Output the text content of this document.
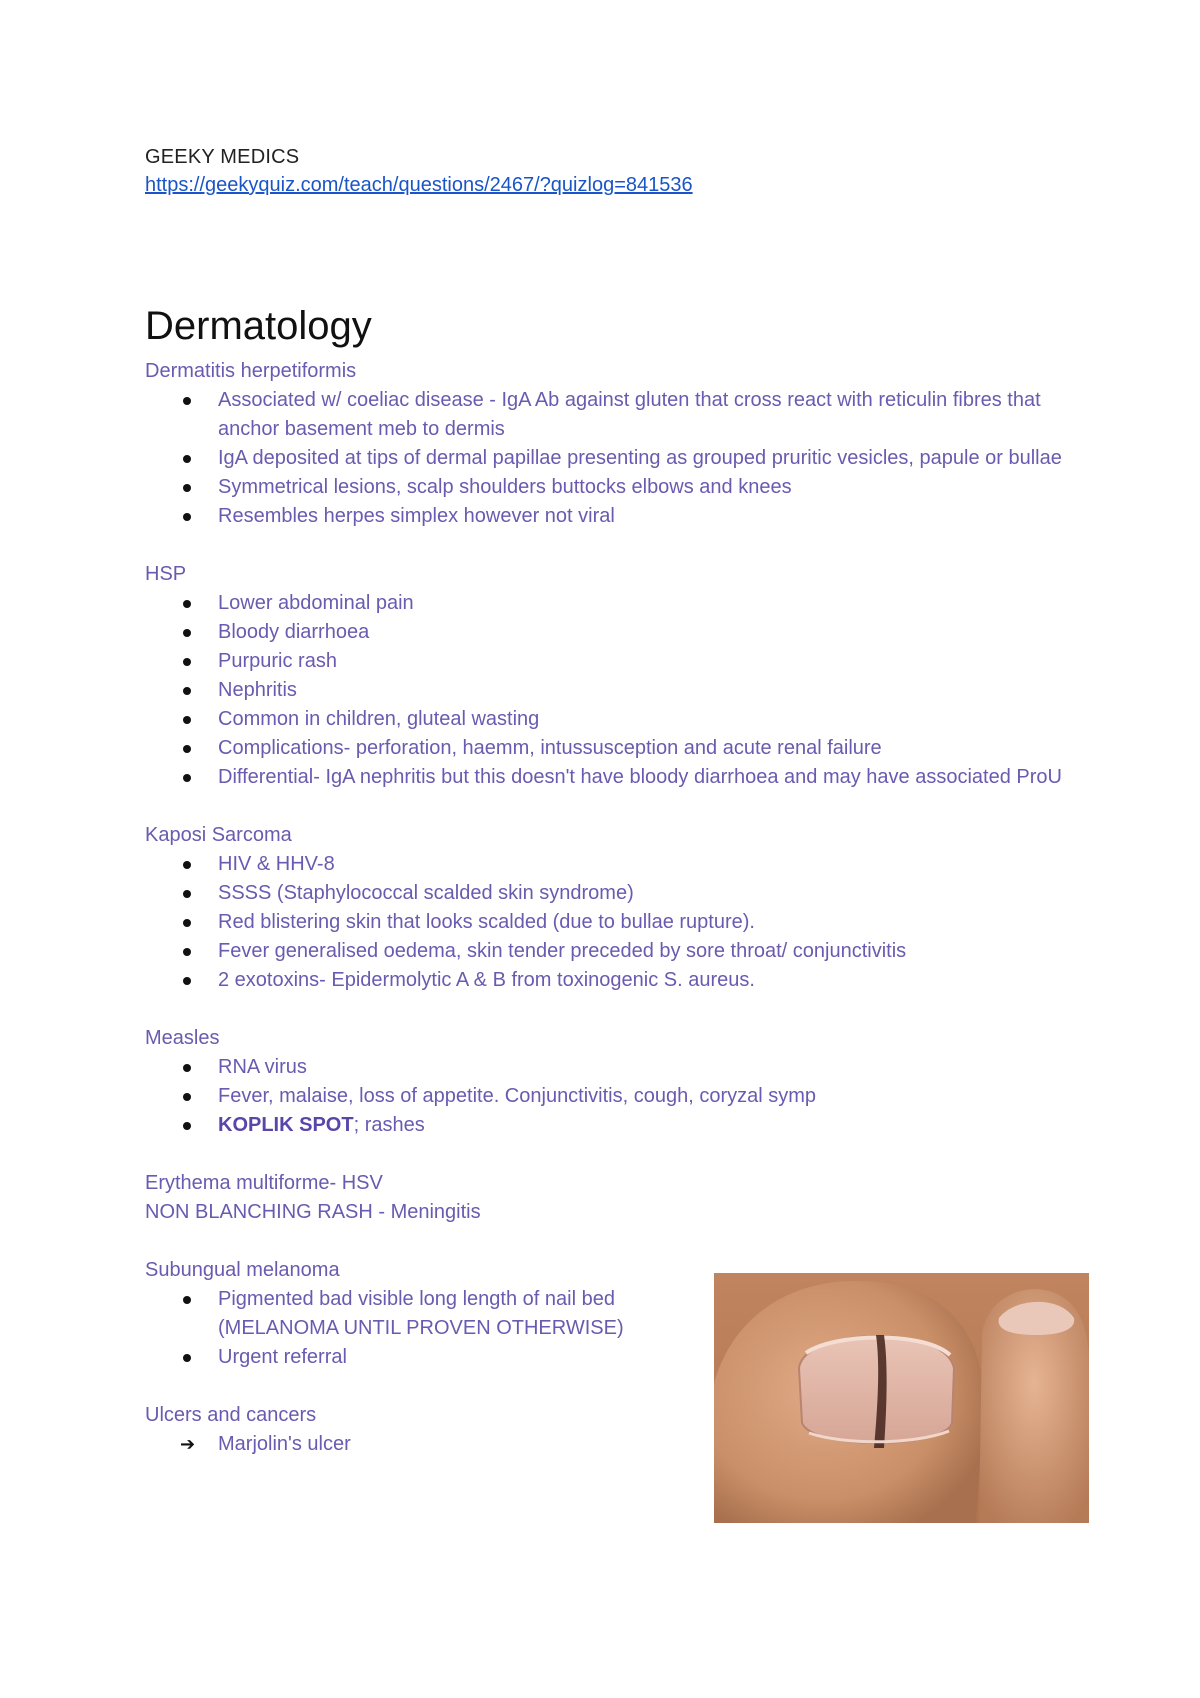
GEEKY MEDICS
https://geekyquiz.com/teach/questions/2467/?quizlog=841536
Dermatology
Dermatitis herpetiformis
Associated w/ coeliac disease - IgA Ab against gluten that cross react with reticulin fibres that anchor basement meb to dermis
IgA deposited at tips of dermal papillae presenting as grouped pruritic vesicles, papule or bullae
Symmetrical lesions, scalp shoulders buttocks elbows and knees
Resembles herpes simplex however not viral
HSP
Lower abdominal pain
Bloody diarrhoea
Purpuric rash
Nephritis
Common in children, gluteal wasting
Complications- perforation, haemm, intussusception and acute renal failure
Differential- IgA nephritis but this doesn't have bloody diarrhoea and may have associated ProU
Kaposi Sarcoma
HIV & HHV-8
SSSS (Staphylococcal scalded skin syndrome)
Red blistering skin that looks scalded (due to bullae rupture).
Fever generalised oedema, skin tender preceded by sore throat/ conjunctivitis
2 exotoxins- Epidermolytic A & B from toxinogenic S. aureus.
Measles
RNA virus
Fever, malaise, loss of appetite. Conjunctivitis, cough, coryzal symp
KOPLIK SPOT; rashes
Erythema multiforme- HSV
NON BLANCHING RASH - Meningitis
Subungual melanoma
Pigmented bad visible long length of nail bed (MELANOMA UNTIL PROVEN OTHERWISE)
Urgent referral
Ulcers and cancers
➔ Marjolin's ulcer
